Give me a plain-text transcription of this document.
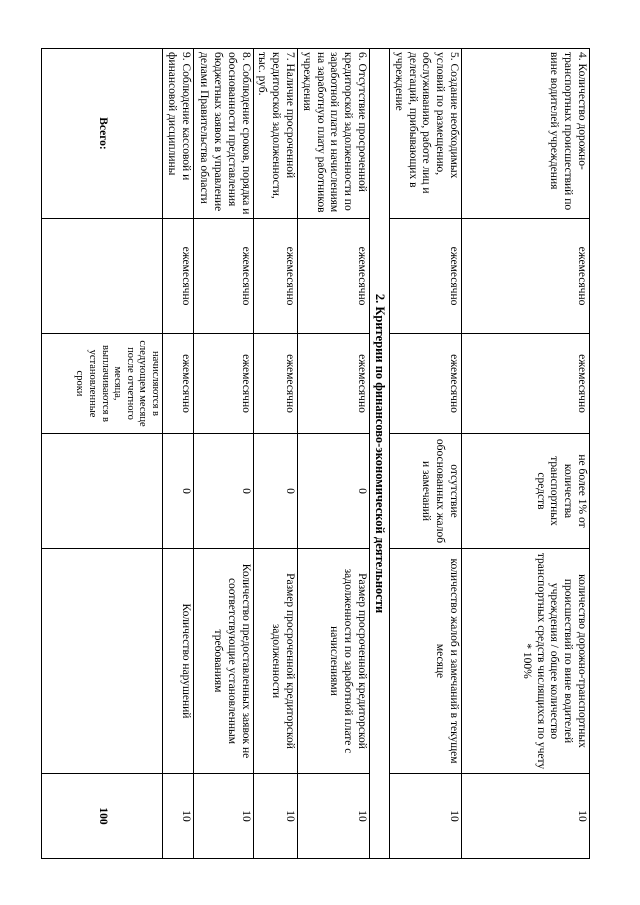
4. Количество дорожно-транспортных происшествий по вине водителей учреждения	ежемесячно	ежемесячно	не более 1% от количества транспортных средств	количество дорожно-транспортных происшествий по вине водителей учреждения / общее количество транспортных средств числящихся по учету * 100%	10
5. Создание необходимых условий по размещению, обслуживанию, работе лиц и делегаций, прибывающих в учреждение	ежемесячно	ежемесячно	отсутствие обоснованных жалоб и замечаний	количество жалоб и замечаний в текущем месяце	10
2. Критерии по финансово-экономической деятельности					
6. Отсутствие просроченной кредиторской задолженности по заработной плате и начислениям на заработную плату работников учреждения	ежемесячно	ежемесячно	0	Размер просроченной кредиторской задолженности по заработной плате с начислениями	10
7. Наличие просроченной кредиторской задолженности, тыс. руб.	ежемесячно	ежемесячно	0	Размер просроченной кредиторской задолженности	10
8. Соблюдение сроков, порядка и обоснованности представления бюджетных заявок в управление делами Правительства области	ежемесячно	ежемесячно	0	Количество предоставленных заявок не соответствующие установленным требованиям	10
9. Соблюдение кассовой и финансовой дисциплины	ежемесячно	ежемесячно	0	Количество нарушений	10
Всего:		начисляются в следующем месяце после отчетного месяца, выплачиваются в установленные сроки			100
